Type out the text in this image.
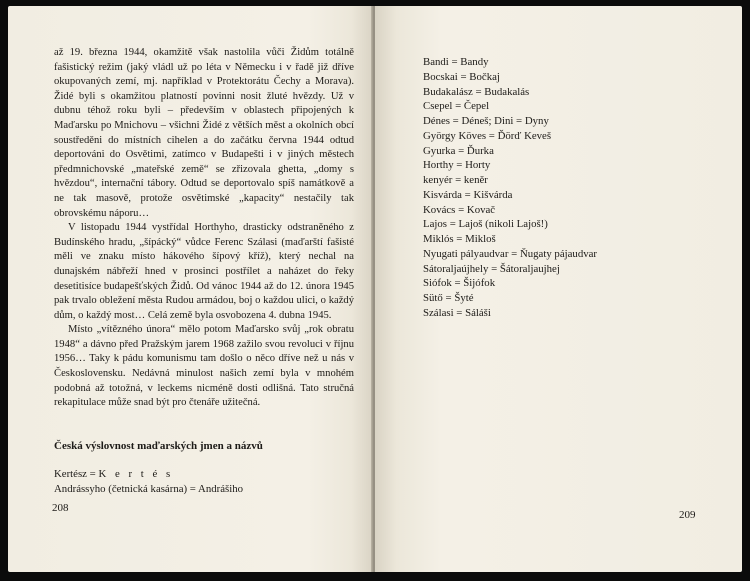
až 19. března 1944, okamžitě však nastolila vůči Židům totálně fašistický režim (jaký vládl už po léta v Německu i v řadě již dříve okupovaných zemí, mj. například v Protektorátu Čechy a Morava). Židé byli s okamžitou platností povinni nosit žluté hvězdy. Už v dubnu téhož roku byli – především v oblastech připojených k Maďarsku po Mnichovu – všichni Židé z větších měst a okolních obcí soustředěni do místních cihelen a do začátku června 1944 odtud deportováni do Osvětimi, zatímco v Budapešti i v jiných městech předmnichovské „mateřské země“ se zřizovala ghetta, „domy s hvězdou“, internační tábory. Odtud se deportovalo spíš namátkově a ne tak masově, protože osvětimské „kapacity“ nestačily tak obrovskému náporu…

V listopadu 1944 vystřídal Horthyho, drasticky odstraněného z Budínského hradu, „šípácký“ vůdce Ferenc Szálasi (maďarští fašisté měli ve znaku místo hákového šípový kříž), který nechal na dunajském nábřeží hned v prosinci postřílet a naházet do řeky desetitisíce budapešťských Židů. Od vánoc 1944 až do 12. února 1945 pak trvalo obležení města Rudou armádou, boj o každou ulici, o každý dům, o každý most… Celá země byla osvobozena 4. dubna 1945.

Místo „vítězného února“ mělo potom Maďarsko svůj „rok obratu 1948“ a dávno před Pražským jarem 1968 zažilo svou revoluci v říjnu 1956… Taky k pádu komunismu tam došlo o něco dříve než u nás v Československu. Nedávná minulost našich zemí byla v mnohém podobná až totožná, v leckems nicméně dosti odlišná. Tato stručná rekapitulace může snad být pro čtenáře užitečná.

Česká výslovnost maďarských jmen a názvů
Kertész = K e r t é s
Andrássyho (četnická kasárna) = Andrášiho
208
Bandi = Bandy
Bocskai = Bočkaj
Budakalász = Budakalás
Csepel = Čepel
Dénes = Déneš; Dini = Dyny
György Köves = Ďörď Keveš
Gyurka = Ďurka
Horthy = Horty
kenyér = keněr
Kisvárda = Kišvárda
Kovács = Kovač
Lajos = Lajoš (nikoli Lajoš!)
Miklós = Mikloš
Nyugati pályaudvar = Ňugaty pájaudvar
Sátoraljaújhely = Šátoraljaujhej
Siófok = Šijófok
Sütő = Šyté
Szálasi = Sáláši
209
